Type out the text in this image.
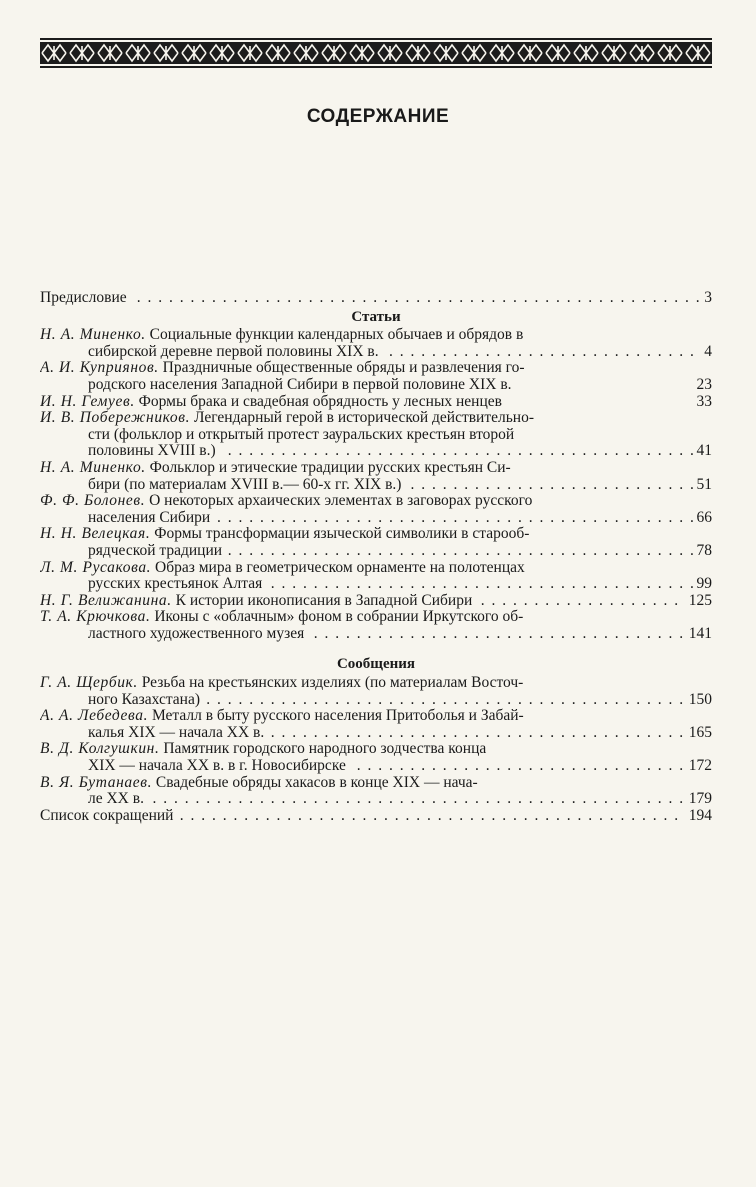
СОДЕРЖАНИЕ
Предисловие	3
. . .
Статьи
Н. А. Миненко. Социальные функции календарных обычаев и обрядов в
сибирской деревне первой половины XIX в.	4
. . .
А. И. Куприянов. Праздничные общественные обряды и развлечения го-
родского населения Западной Сибири в первой половине XIX в.	23
И. Н. Гемуев. Формы брака и свадебная обрядность у лесных ненцев	33
И. В. Побережников. Легендарный герой в исторической действительно-
сти (фольклор и открытый протест зауральских крестьян второй
половины XVIII в.)	41
. . .
Н. А. Миненко. Фольклор и этические традиции русских крестьян Си-
бири (по материалам XVIII в.— 60-х гг. XIX в.)	51
. . .
Ф. Ф. Болонев. О некоторых архаических элементах в заговорах русского
населения Сибири	66
. . .
Н. Н. Велецкая. Формы трансформации языческой символики в старооб-
рядческой традиции	78
. . .
Л. М. Русакова. Образ мира в геометрическом орнаменте на полотенцах
русских крестьянок Алтая	99
. . .
Н. Г. Велижанина. К истории иконописания в Западной Сибири	125
. . .
Т. А. Крючкова. Иконы с «облачным» фоном в собрании Иркутского об-
ластного художественного музея	141
. . .
Сообщения
Г. А. Щербик. Резьба на крестьянских изделиях (по материалам Восточ-
ного Казахстана)	150
. . .
А. А. Лебедева. Металл в быту русского населения Притоболья и Забай-
калья XIX — начала XX в.	165
. . .
В. Д. Колгушкин. Памятник городского народного зодчества конца
XIX — начала XX в. в г. Новосибирске	172
. . .
В. Я. Бутанаев. Свадебные обряды хакасов в конце XIX — нача-
ле XX в.	179
. . .
Список сокращений	194
. . .
